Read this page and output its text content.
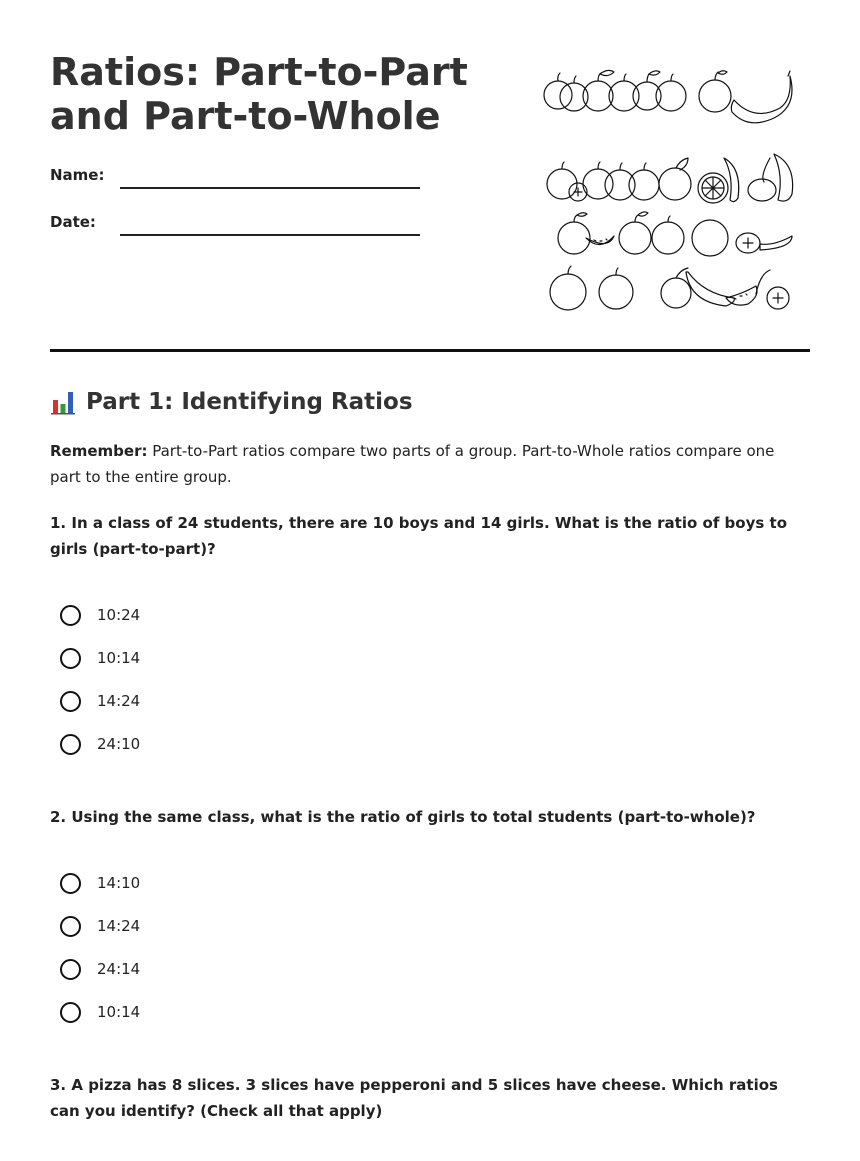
Ratios: Part-to-Part and Part-to-Whole
Name:
Date:
Part 1: Identifying Ratios

Remember: Part-to-Part ratios compare two parts of a group. Part-to-Whole ratios compare one part to the entire group.

1. In a class of 24 students, there are 10 boys and 14 girls. What is the ratio of boys to girls (part-to-part)?

10:24
10:14
14:24
24:10

2. Using the same class, what is the ratio of girls to total students (part-to-whole)?

14:10
14:24
24:14
10:14

3. A pizza has 8 slices. 3 slices have pepperoni and 5 slices have cheese. Which ratios can you identify? (Check all that apply)
